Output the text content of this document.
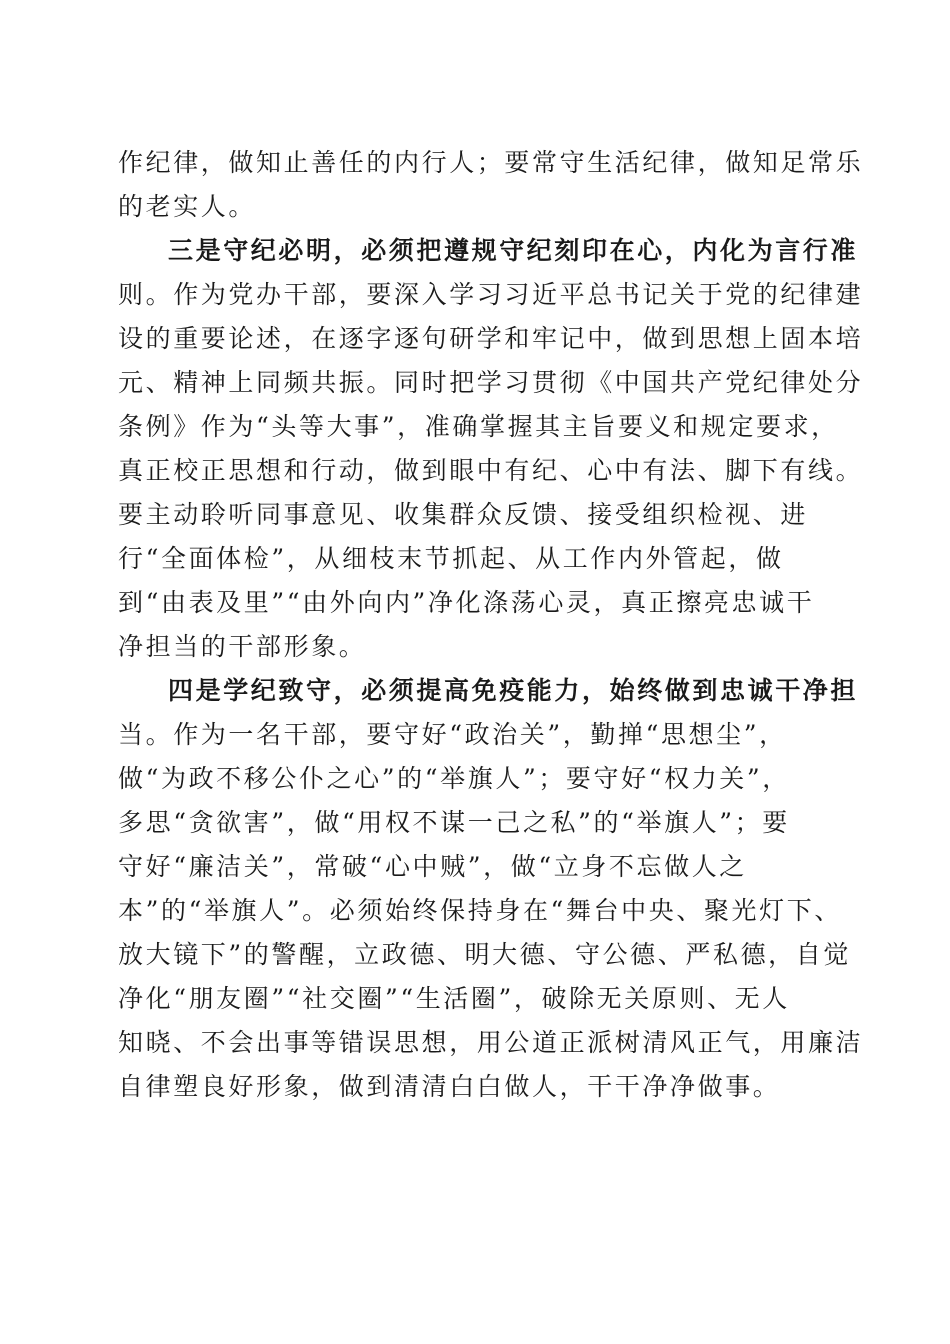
作纪律，做知止善任的内行人；要常守生活纪律，做知足常乐
的老实人。
三是守纪必明，必须把遵规守纪刻印在心，内化为言行准
则。作为党办干部，要深入学习习近平总书记关于党的纪律建
设的重要论述，在逐字逐句研学和牢记中，做到思想上固本培
元、精神上同频共振。同时把学习贯彻《中国共产党纪律处分
条例》作为“头等大事”，准确掌握其主旨要义和规定要求，
真正校正思想和行动，做到眼中有纪、心中有法、脚下有线。
要主动聆听同事意见、收集群众反馈、接受组织检视、进
行“全面体检”，从细枝末节抓起、从工作内外管起，做
到“由表及里”“由外向内”净化涤荡心灵，真正擦亮忠诚干
净担当的干部形象。
四是学纪致守，必须提高免疫能力，始终做到忠诚干净担
当。作为一名干部，要守好“政治关”，勤掸“思想尘”，
做“为政不移公仆之心”的“举旗人”；要守好“权力关”，
多思“贪欲害”，做“用权不谋一己之私”的“举旗人”；要
守好“廉洁关”，常破“心中贼”，做“立身不忘做人之
本”的“举旗人”。必须始终保持身在“舞台中央、聚光灯下、
放大镜下”的警醒，立政德、明大德、守公德、严私德，自觉
净化“朋友圈”“社交圈”“生活圈”，破除无关原则、无人
知晓、不会出事等错误思想，用公道正派树清风正气，用廉洁
自律塑良好形象，做到清清白白做人，干干净净做事。
